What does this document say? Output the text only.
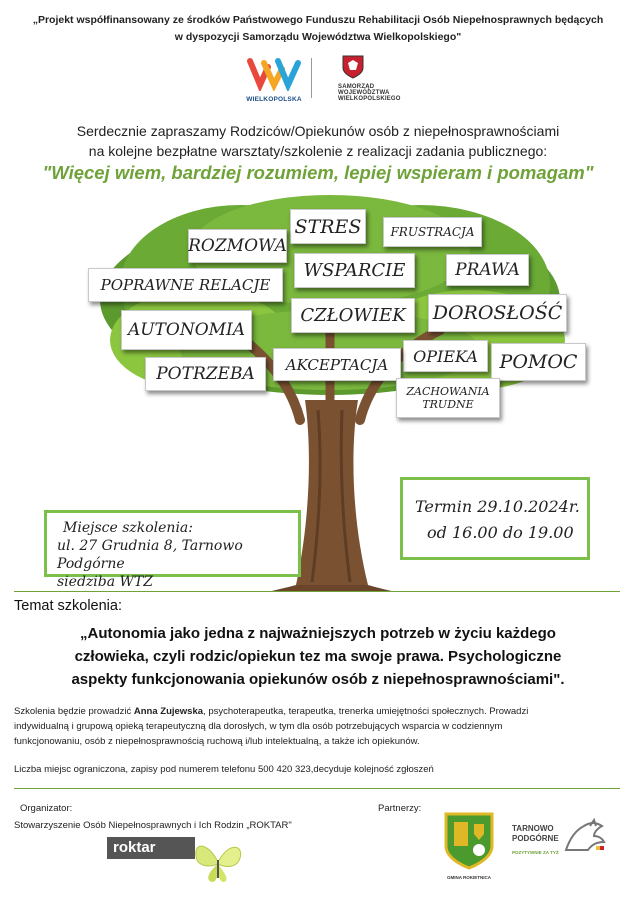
„Projekt współfinansowany ze środków Państwowego Funduszu Rehabilitacji Osób Niepełnosprawnych będących
w dyspozycji Samorządu Województwa Wielkopolskiego"
WIELKOPOLSKA
SAMORZĄD
WOJEWÓDZTWA
WIELKOPOLSKIEGO
Serdecznie zapraszamy Rodziców/Opiekunów osób z niepełnosprawnościami
na kolejne bezpłatne warsztaty/szkolenie z realizacji zadania publicznego:
"Więcej wiem, bardziej rozumiem, lepiej wspieram i pomagam"
STRES	FRUSTRACJA
ROZMOWA
WSPARCIE	PRAWA
POPRAWNE RELACJE
DOROSŁOŚĆ
AUTONOMIA
CZŁOWIEK
OPIEKA	POMOC
POTRZEBA	AKCEPTACJA
ZACHOWANIA
TRUDNE
Miejsce szkolenia:
ul. 27 Grudnia 8, Tarnowo Podgórne
siedziba WTZ
Termin 29.10.2024r.
od 16.00 do 19.00
Temat szkolenia:
„Autonomia jako jedna z najważniejszych potrzeb w życiu każdego
człowieka, czyli rodzic/opiekun tez ma swoje prawa. Psychologiczne
aspekty funkcjonowania opiekunów osób z niepełnosprawnościami".
Szkolenia będzie prowadzić Anna Zujewska, psychoterapeutka, terapeutka, trenerka umiejętności społecznych. Prowadzi
indywidualną i grupową opieką terapeutyczną dla dorosłych, w tym dla osób potrzebujących wsparcia w codziennym
funkcjonowaniu, osób z niepełnosprawnością ruchową i/lub intelektualną, a także ich opiekunów.
Liczba miejsc ograniczona, zapisy pod numerem telefonu 500 420 323,decyduje kolejność zgłoszeń
Organizator:
Stowarzyszenie Osób Niepełnosprawnych i Ich Rodzin „ROKTAR"
roktar
Partnerzy:
GMINA ROKIETNICA
TARNOWO
PODGÓRNE
POZYTYWNIE ZA TYŻ
